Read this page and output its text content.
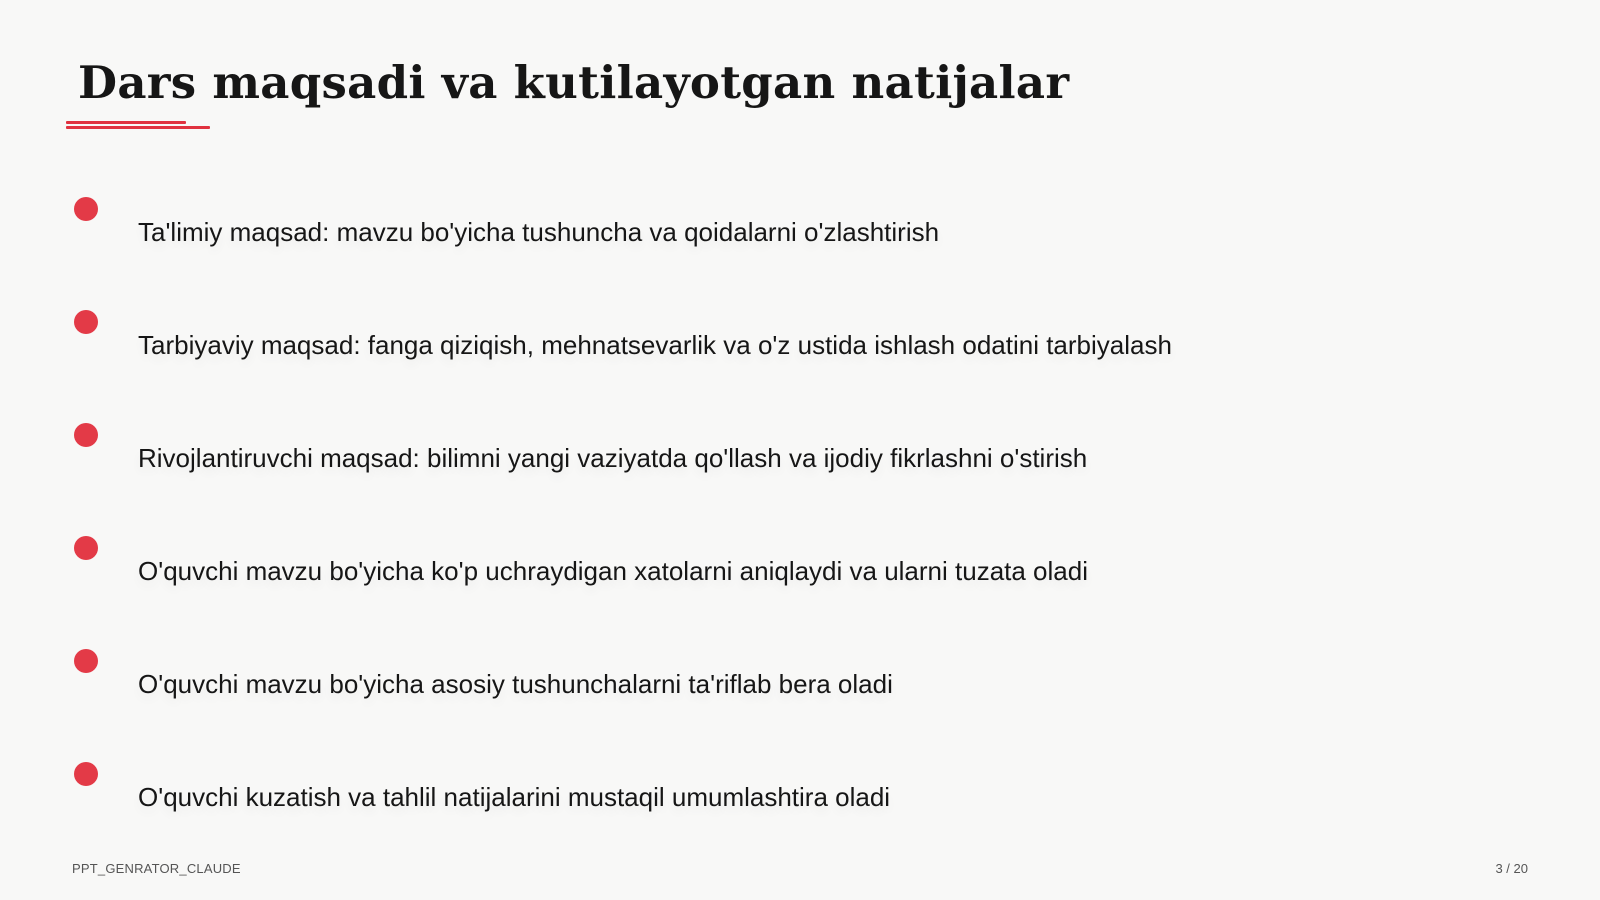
Dars maqsadi va kutilayotgan natijalar
Ta'limiy maqsad: mavzu bo'yicha tushuncha va qoidalarni o'zlashtirish
Tarbiyaviy maqsad: fanga qiziqish, mehnatsevarlik va o'z ustida ishlash odatini tarbiyalash
Rivojlantiruvchi maqsad: bilimni yangi vaziyatda qo'llash va ijodiy fikrlashni o'stirish
O'quvchi mavzu bo'yicha ko'p uchraydigan xatolarni aniqlaydi va ularni tuzata oladi
O'quvchi mavzu bo'yicha asosiy tushunchalarni ta'riflab bera oladi
O'quvchi kuzatish va tahlil natijalarini mustaqil umumlashtira oladi
PPT_GENRATOR_CLAUDE	3 / 20
